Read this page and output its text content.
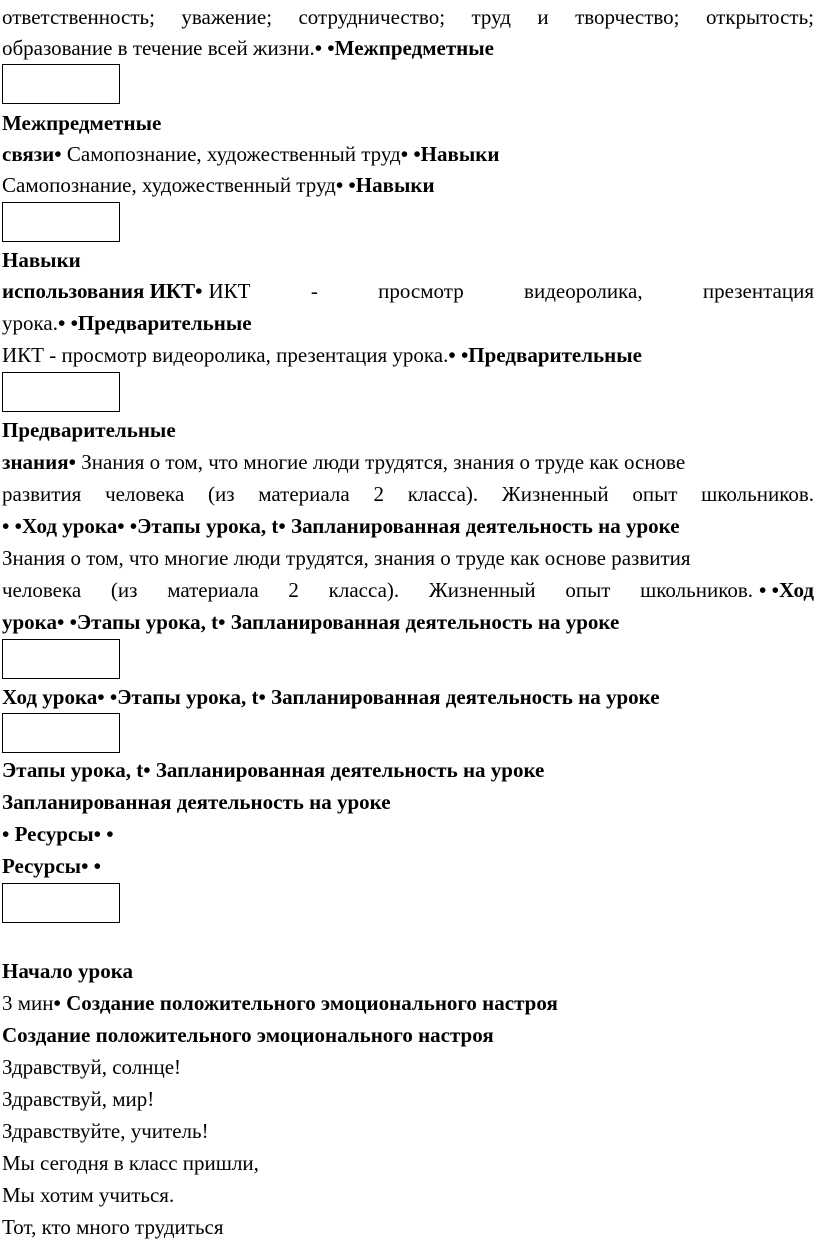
ответственность; уважение; сотрудничество; труд и творчество; открытость;
образование в течение всей жизни.• •Межпредметные
Межпредметные
связи• Самопознание, художественный труд• •Навыки
Самопознание, художественный труд• •Навыки
Навыки
использования ИКТ• ИКТ - просмотр видеоролика, презентация
урока.• •Предварительные
ИКТ - просмотр видеоролика, презентация урока.• •Предварительные
Предварительные
знания• Знания о том, что многие люди трудятся, знания о труде как основе
развития человека (из материала 2 класса). Жизненный опыт школьников.
• •Ход урока• •Этапы урока, t• Запланированная деятельность на уроке
Знания о том, что многие люди трудятся, знания о труде как основе развития
человека (из материала 2 класса). Жизненный опыт школьников. • •Ход
урока• •Этапы урока, t• Запланированная деятельность на уроке
Ход урока• •Этапы урока, t• Запланированная деятельность на уроке
Этапы урока, t• Запланированная деятельность на уроке
Запланированная деятельность на уроке
• Ресурсы• •
Ресурсы• •
Начало урока
3 мин• Создание положительного эмоционального настроя
Создание положительного эмоционального настроя
Здравствуй, солнце!
Здравствуй, мир!
Здравствуйте, учитель!
Мы сегодня в класс пришли,
Мы хотим учиться.
Тот, кто много трудиться
